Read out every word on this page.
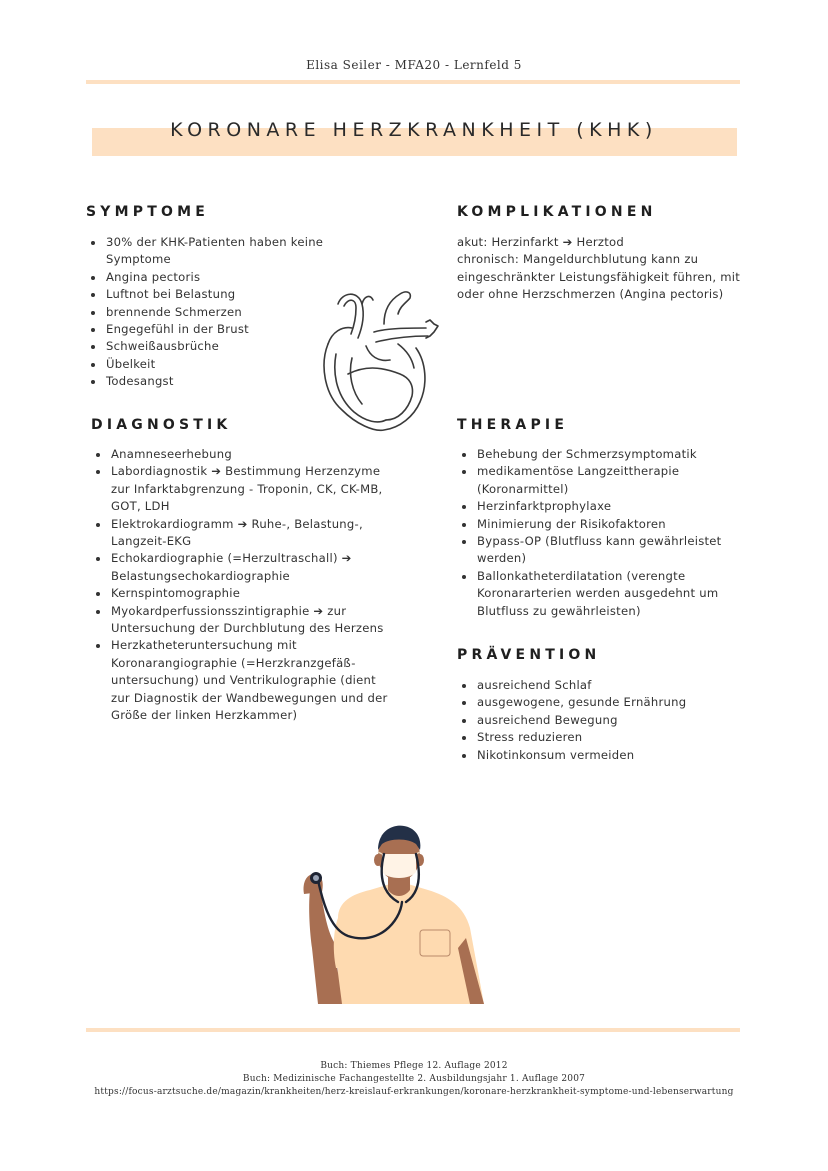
Elisa Seiler - MFA20 - Lernfeld 5
KORONARE HERZKRANKHEIT (KHK)
SYMPTOME
30% der KHK-Patienten haben keine Symptome
Angina pectoris
Luftnot bei Belastung
brennende Schmerzen
Engegefühl in der Brust
Schweißausbrüche
Übelkeit
Todesangst
KOMPLIKATIONEN
akut: Herzinfarkt ➔ Herztod
chronisch: Mangeldurchblutung kann zu eingeschränkter Leistungsfähigkeit führen, mit oder ohne Herzschmerzen (Angina pectoris)
DIAGNOSTIK
Anamneseerhebung
Labordiagnostik ➔ Bestimmung Herzenzyme zur Infarktabgrenzung - Troponin, CK, CK-MB, GOT, LDH
Elektrokardiogramm ➔ Ruhe-, Belastung-, Langzeit-EKG
Echokardiographie (=Herzultraschall) ➔ Belastungsechokardiographie
Kernspintomographie
Myokardperfussionsszintigraphie ➔ zur Untersuchung der Durchblutung des Herzens
Herzkatheteruntersuchung mit Koronarangiographie (=Herzkranzgefäß-untersuchung) und Ventrikulographie (dient zur Diagnostik der Wandbewegungen und der Größe der linken Herzkammer)
THERAPIE
Behebung der Schmerzsymptomatik
medikamentöse Langzeittherapie (Koronarmittel)
Herzinfarktprophylaxe
Minimierung der Risikofaktoren
Bypass-OP (Blutfluss kann gewährleistet werden)
Ballonkatheterdilatation (verengte Koronararterien werden ausgedehnt um Blutfluss zu gewährleisten)
PRÄVENTION
ausreichend Schlaf
ausgewogene, gesunde Ernährung
ausreichend Bewegung
Stress reduzieren
Nikotinkonsum vermeiden
Buch: Thiemes Pflege 12. Auflage 2012
Buch: Medizinische Fachangestellte 2. Ausbildungsjahr 1. Auflage 2007
https://focus-arztsuche.de/magazin/krankheiten/herz-kreislauf-erkrankungen/koronare-herzkrankheit-symptome-und-lebenserwartung
